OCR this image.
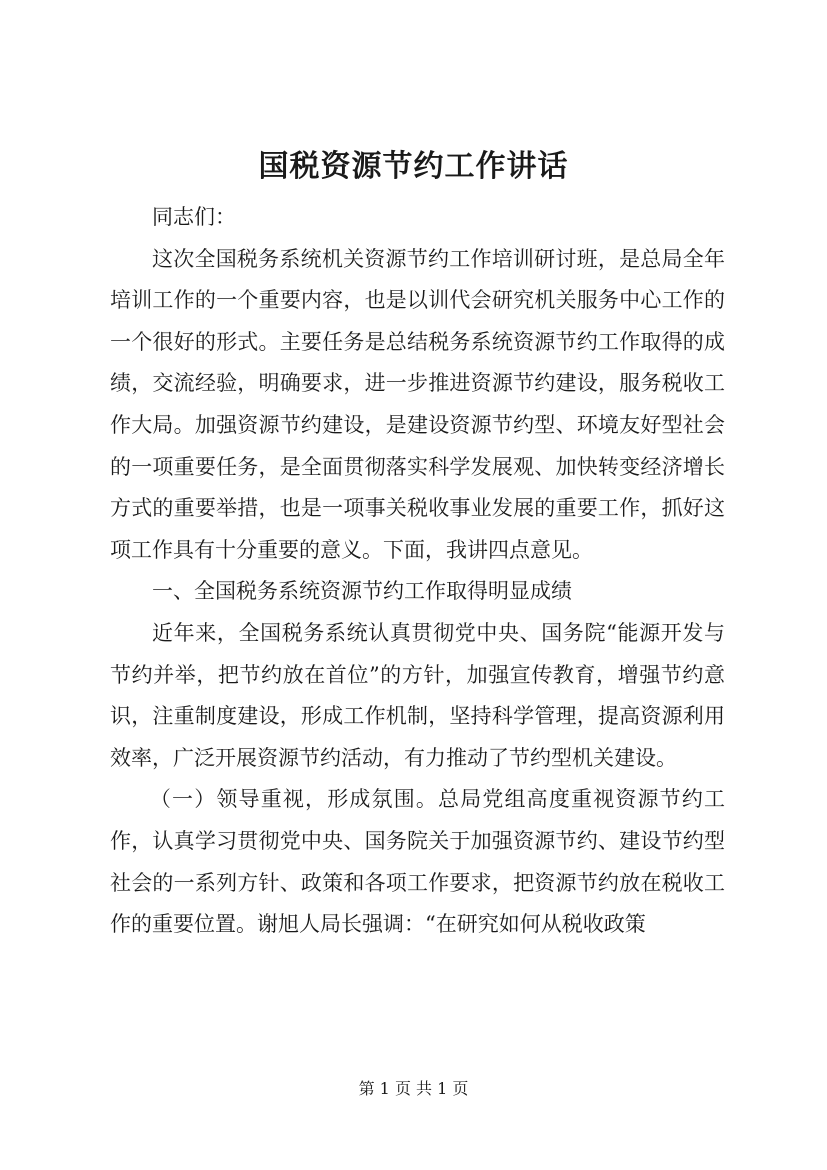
国税资源节约工作讲话

同志们：

这次全国税务系统机关资源节约工作培训研讨班，是总局全年培训工作的一个重要内容，也是以训代会研究机关服务中心工作的一个很好的形式。主要任务是总结税务系统资源节约工作取得的成绩，交流经验，明确要求，进一步推进资源节约建设，服务税收工作大局。加强资源节约建设，是建设资源节约型、环境友好型社会的一项重要任务，是全面贯彻落实科学发展观、加快转变经济增长方式的重要举措，也是一项事关税收事业发展的重要工作，抓好这项工作具有十分重要的意义。下面，我讲四点意见。

一、全国税务系统资源节约工作取得明显成绩

近年来，全国税务系统认真贯彻党中央、国务院“能源开发与节约并举，把节约放在首位”的方针，加强宣传教育，增强节约意识，注重制度建设，形成工作机制，坚持科学管理，提高资源利用效率，广泛开展资源节约活动，有力推动了节约型机关建设。

（一）领导重视，形成氛围。总局党组高度重视资源节约工作，认真学习贯彻党中央、国务院关于加强资源节约、建设节约型社会的一系列方针、政策和各项工作要求，把资源节约放在税收工作的重要位置。谢旭人局长强调：“在研究如何从税收政策

第 1 页 共 1 页
